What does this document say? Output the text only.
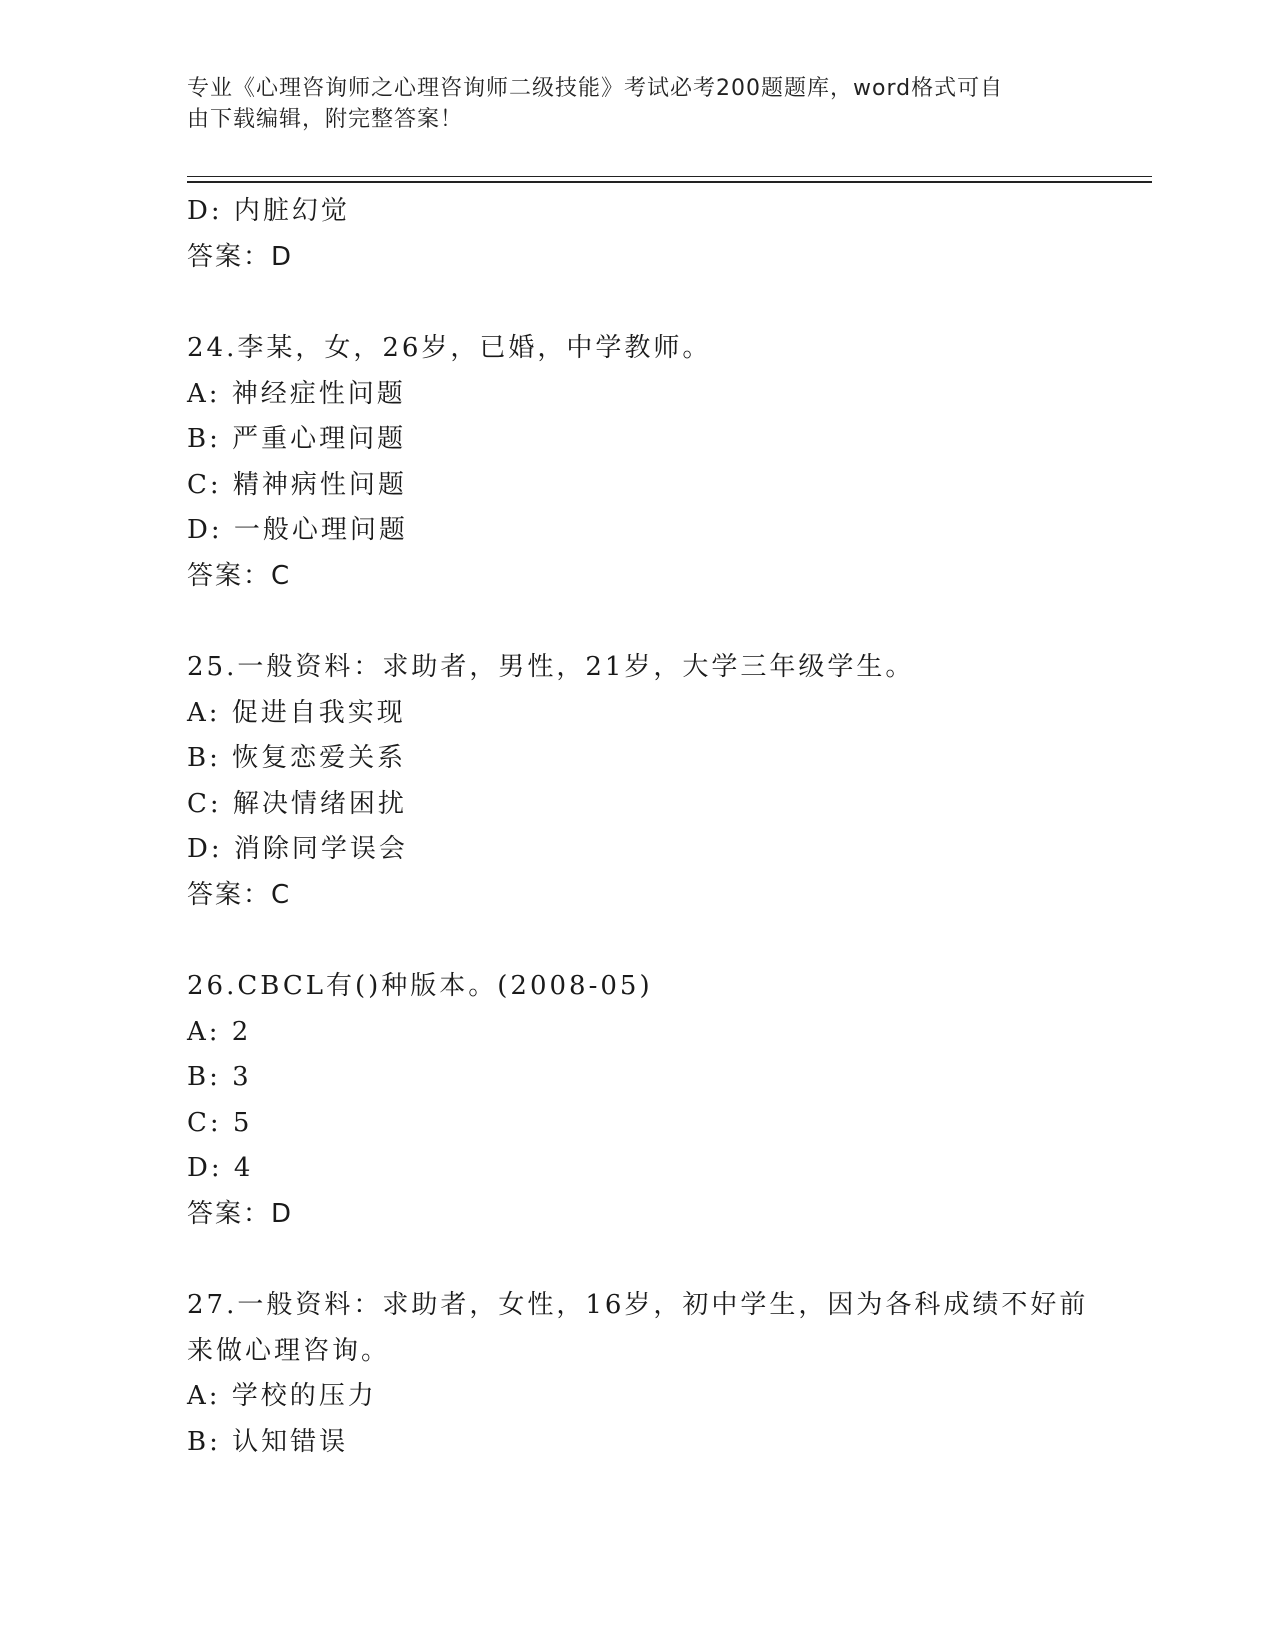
专业《心理咨询师之心理咨询师二级技能》考试必考200题题库，word格式可自
由下载编辑，附完整答案！
D: 内脏幻觉
答案：D
24.李某，女，26岁，已婚，中学教师。
A: 神经症性问题
B: 严重心理问题
C: 精神病性问题
D: 一般心理问题
答案：C
25.一般资料：求助者，男性，21岁，大学三年级学生。
A: 促进自我实现
B: 恢复恋爱关系
C: 解决情绪困扰
D: 消除同学误会
答案：C
26.CBCL有()种版本。(2008-05)
A: 2
B: 3
C: 5
D: 4
答案：D
27.一般资料：求助者，女性，16岁，初中学生，因为各科成绩不好前
来做心理咨询。
A: 学校的压力
B: 认知错误
